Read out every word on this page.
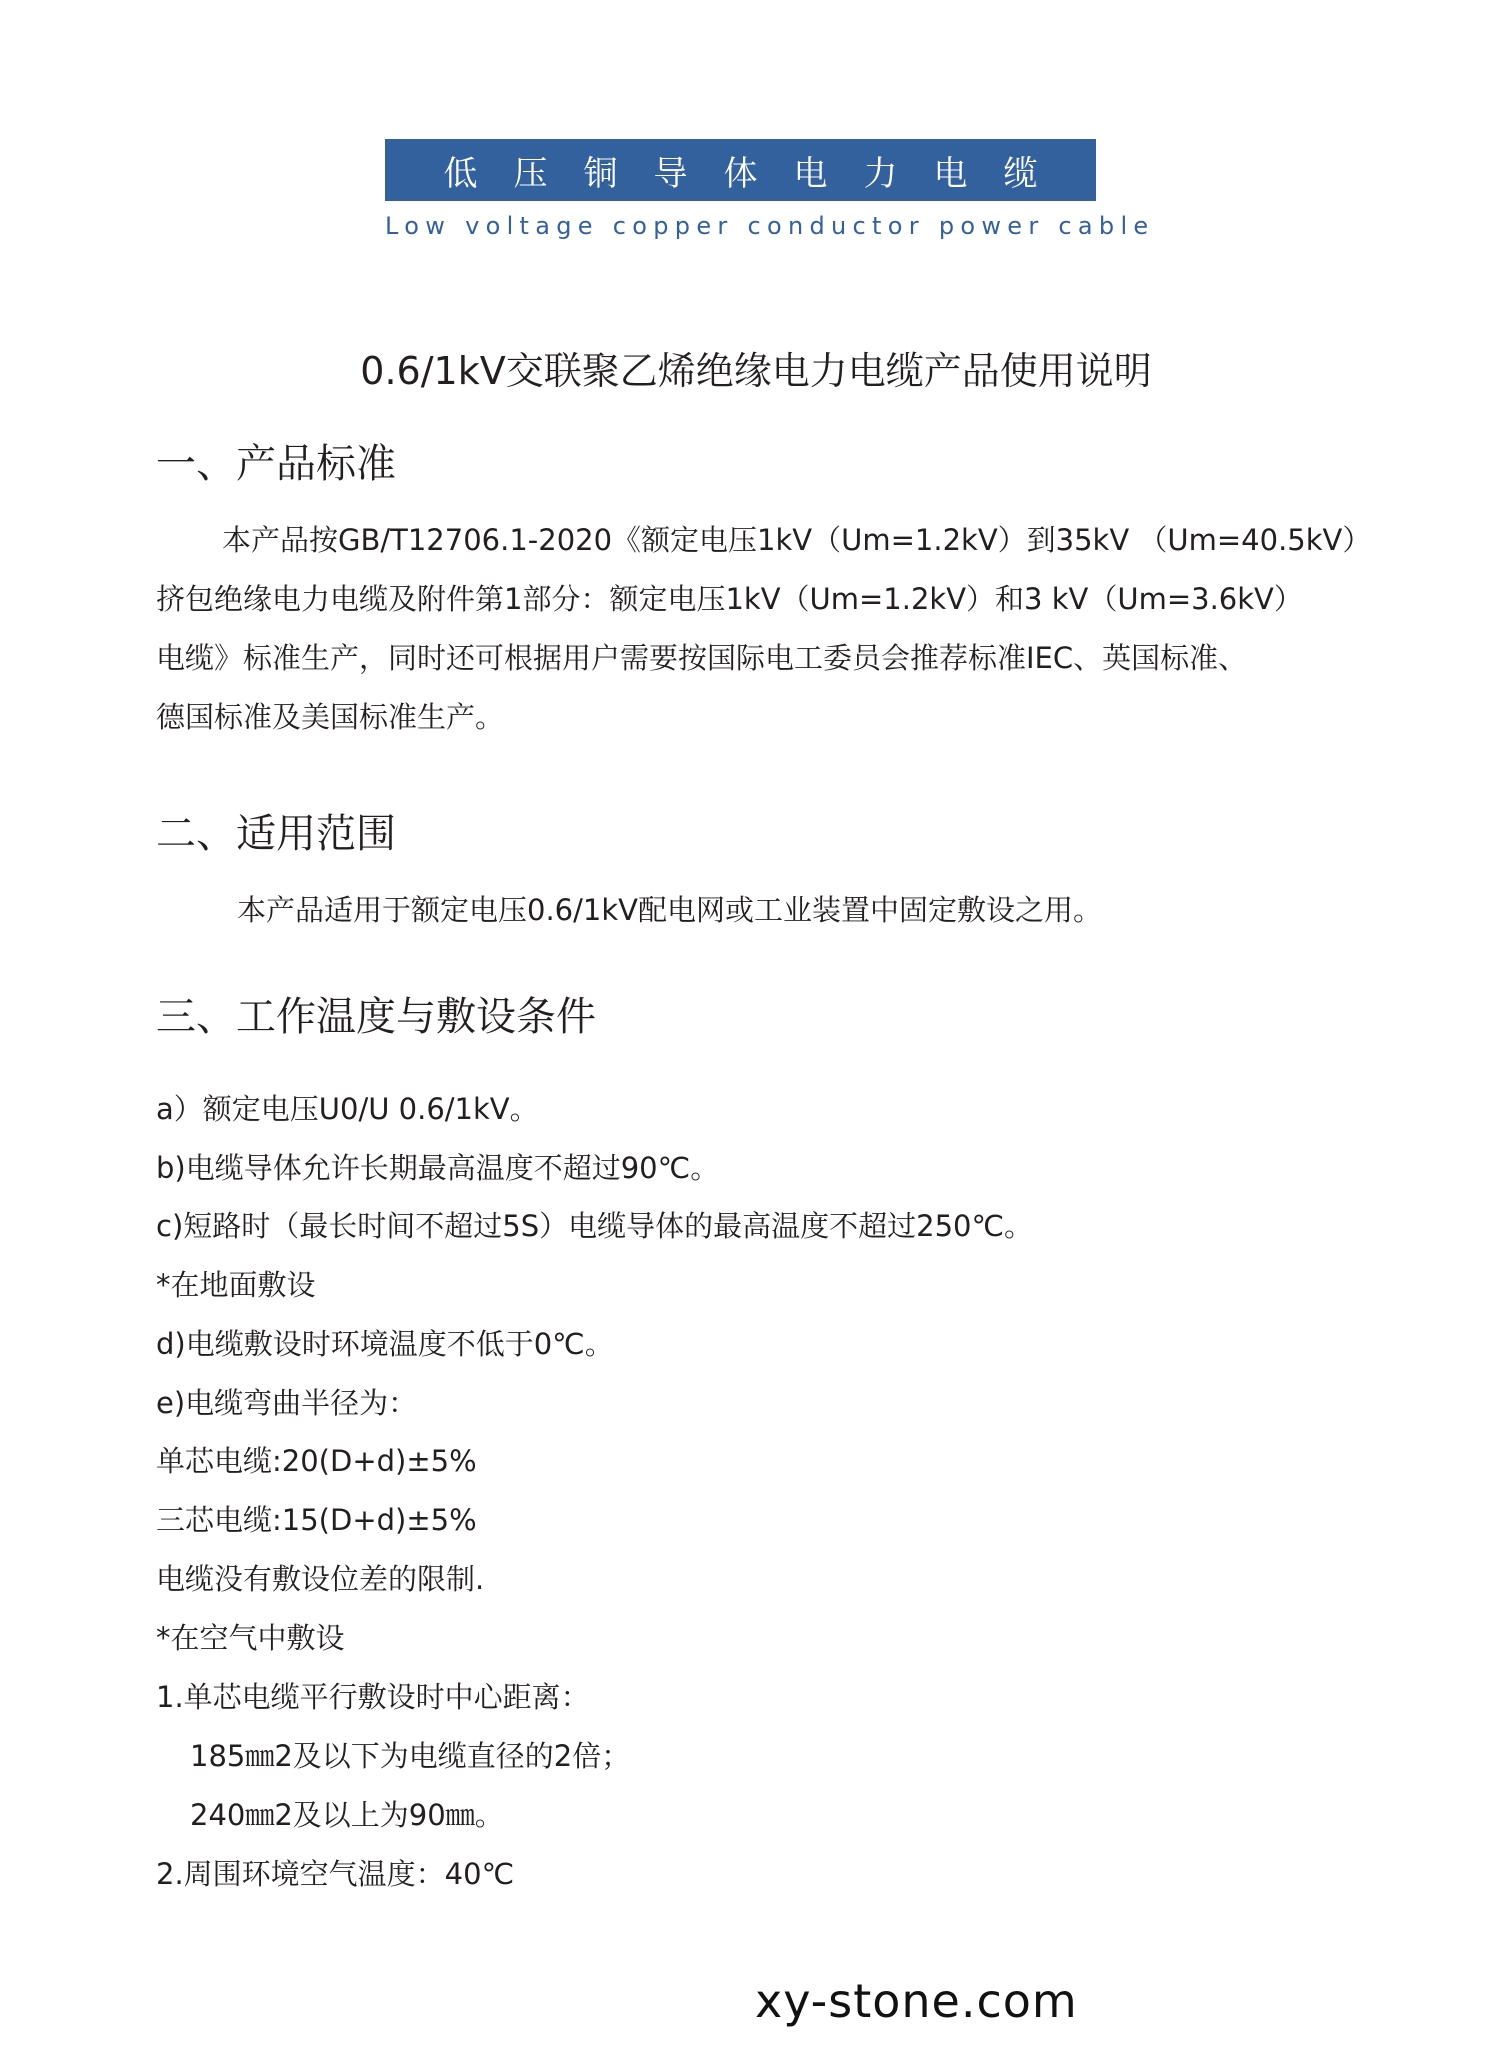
低压铜导体电力电缆
Low voltage copper conductor power cable
0.6/1kV交联聚乙烯绝缘电力电缆产品使用说明
一、产品标准
本产品按GB/T12706.1-2020《额定电压1kV（Um=1.2kV）到35kV （Um=40.5kV）
挤包绝缘电力电缆及附件第1部分：额定电压1kV（Um=1.2kV）和3 kV（Um=3.6kV）
电缆》标准生产，同时还可根据用户需要按国际电工委员会推荐标准IEC、英国标准、
德国标准及美国标准生产。
二、适用范围
本产品适用于额定电压0.6/1kV配电网或工业装置中固定敷设之用。
三、工作温度与敷设条件
a）额定电压U0/U 0.6/1kV。
b)电缆导体允许长期最高温度不超过90℃。
c)短路时（最长时间不超过5S）电缆导体的最高温度不超过250℃。
*在地面敷设
d)电缆敷设时环境温度不低于0℃。
e)电缆弯曲半径为：
单芯电缆:20(D+d)±5%
三芯电缆:15(D+d)±5%
电缆没有敷设位差的限制.
*在空气中敷设
1.单芯电缆平行敷设时中心距离：
185㎜2及以下为电缆直径的2倍；
240㎜2及以上为90㎜。
2.周围环境空气温度：40℃
xy-stone.com
